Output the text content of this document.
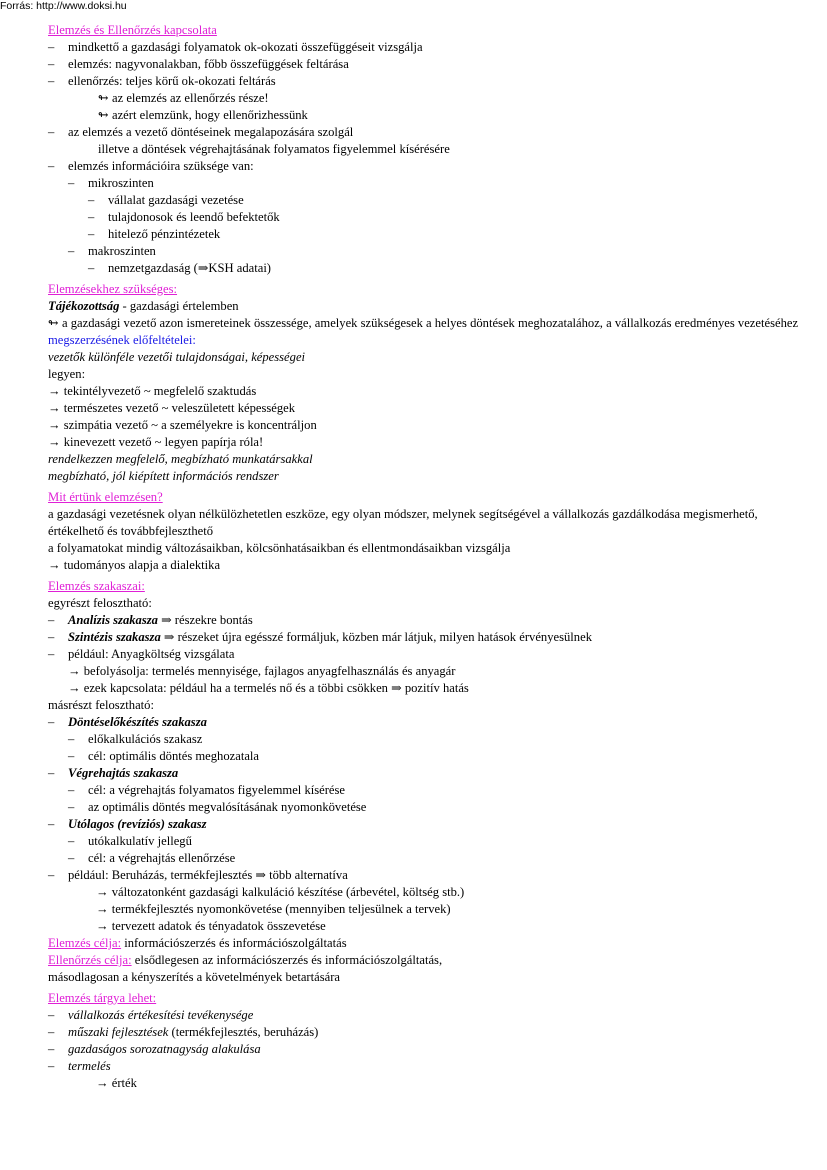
Forrás: http://www.doksi.hu
Elemzés és Ellenőrzés kapcsolata
– mindkettő a gazdasági folyamatok ok-okozati összefüggéseit vizsgálja
– elemzés: nagyvonalakban, főbb összefüggések feltárása
– ellenőrzés: teljes körű ok-okozati feltárás
↬ az elemzés az ellenőrzés része!
↬ azért elemzünk, hogy ellenőrizhessünk
– az elemzés a vezető döntéseinek megalapozására szolgál
illetve a döntések végrehajtásának folyamatos figyelemmel kísérésére
– elemzés információira szüksége van:
– mikroszinten
– vállalat gazdasági vezetése
– tulajdonosok és leendő befektetők
– hitelező pénzintézetek
– makroszinten
– nemzetgazdaság (⇒KSH adatai)
Elemzésekhez szükséges:
Tájékozottság - gazdasági értelemben
↬ a gazdasági vezető azon ismereteinek összessége, amelyek szükségesek a helyes döntések meghozatalához, a vállalkozás eredményes vezetéséhez
megszerzésének előfeltételei:
vezetők különféle vezetői tulajdonságai, képességei
legyen:
→ tekintélyvezető ~ megfelelő szaktudás
→ természetes vezető ~ veleszületett képességek
→ szimpátia vezető ~ a személyekre is koncentráljon
→ kinevezett vezető ~ legyen papírja róla!
rendelkezzen megfelelő, megbízható munkatársakkal
megbízható, jól kiépített információs rendszer
Mit értünk elemzésen?
a gazdasági vezetésnek olyan nélkülözhetetlen eszköze, egy olyan módszer, melynek segítségével a vállalkozás gazdálkodása megismerhető, értékelhető és továbbfejleszthető
a folyamatokat mindig változásaikban, kölcsönhatásaikban és ellentmondásaikban vizsgálja
→ tudományos alapja a dialektika
Elemzés szakaszai:
egyrészt felosztható:
– Analízis szakasza ⇒ részekre bontás
– Szintézis szakasza ⇒ részeket újra egésszé formáljuk, közben már látjuk, milyen hatások érvényesülnek
– például: Anyagköltség vizsgálata
→ befolyásolja: termelés mennyisége, fajlagos anyagfelhasználás és anyagár
→ ezek kapcsolata: például ha a termelés nő és a többi csökken ⇒ pozitív hatás
másrészt felosztható:
– Döntéselőkészítés szakasza
– előkalkulációs szakasz
– cél: optimális döntés meghozatala
– Végrehajtás szakasza
– cél: a végrehajtás folyamatos figyelemmel kísérése
– az optimális döntés megvalósításának nyomonkövetése
– Utólagos (revíziós) szakasz
– utókalkulatív jellegű
– cél: a végrehajtás ellenőrzése
– például: Beruházás, termékfejlesztés ⇒ több alternatíva
→ változatonként gazdasági kalkuláció készítése (árbevétel, költség stb.)
→ termékfejlesztés nyomonkövetése (mennyiben teljesülnek a tervek)
→ tervezett adatok és tényadatok összevetése
Elemzés célja: információszerzés és információszolgáltatás
Ellenőrzés célja: elsődlegesen az információszerzés és információszolgáltatás,
másodlagosan a kényszerítés a követelmények betartására
Elemzés tárgya lehet:
– vállalkozás értékesítési tevékenysége
– műszaki fejlesztések (termékfejlesztés, beruházás)
– gazdaságos sorozatnagyság alakulása
– termelés
→ érték
